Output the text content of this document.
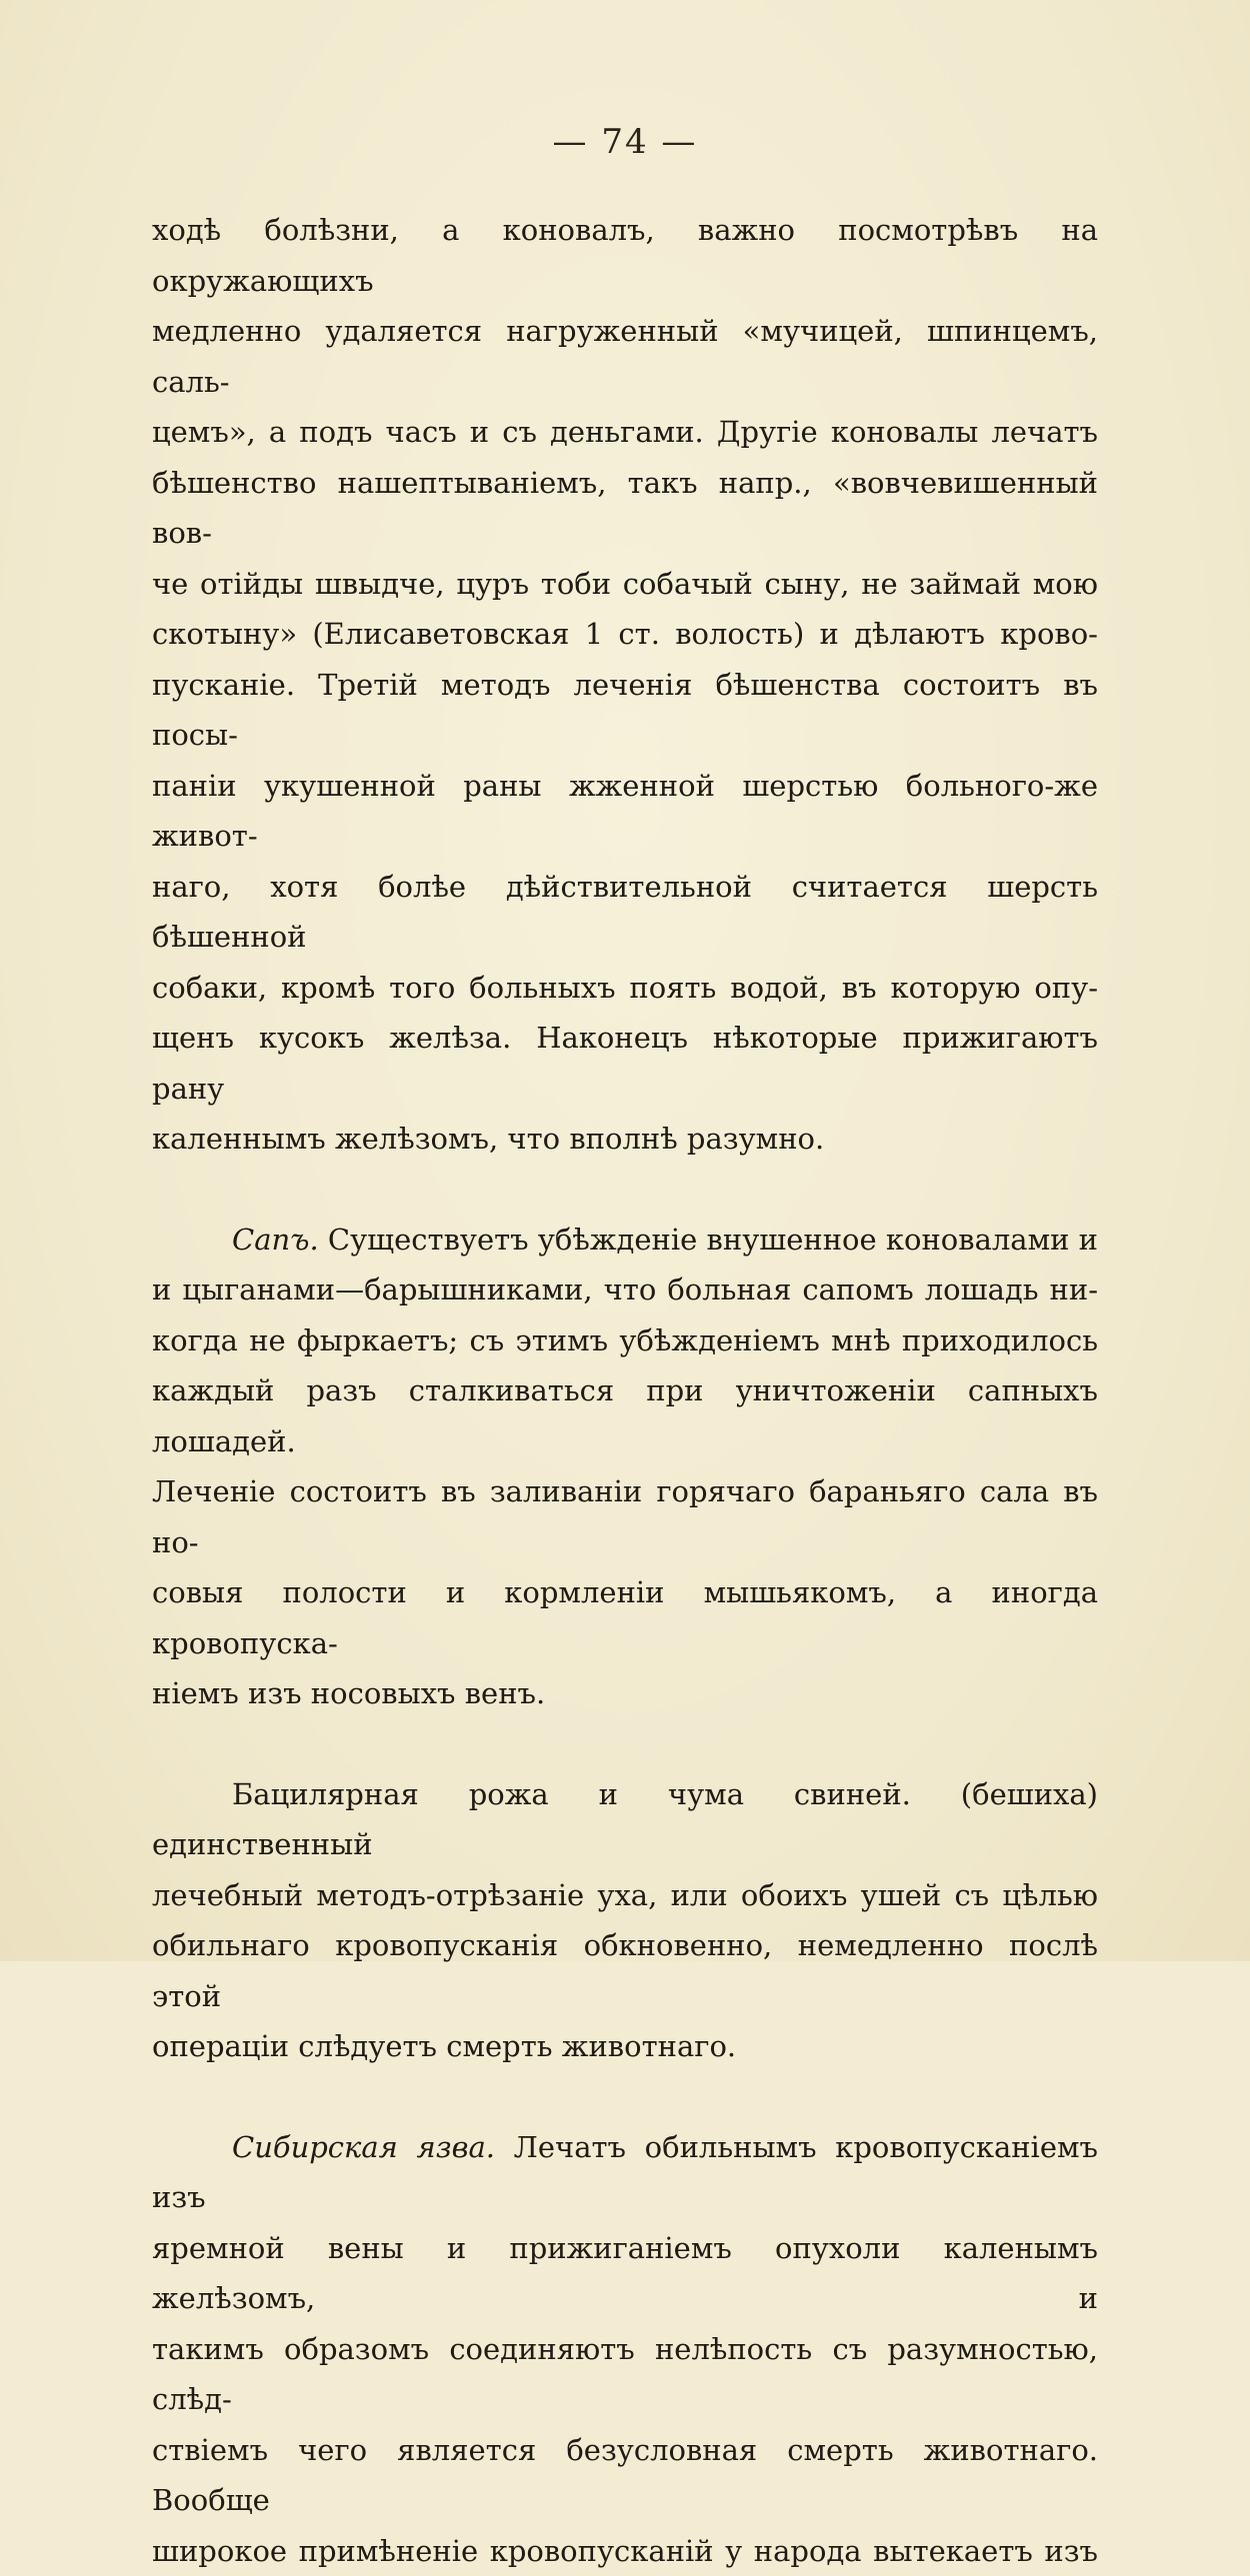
— 74 —
ходѣ болѣзни, а коновалъ, важно посмотрѣвъ на окружающихъ
медленно удаляется нагруженный «мучицей, шпинцемъ, саль-
цемъ», а подъ часъ и съ деньгами. Другіе коновалы лечатъ
бѣшенство нашептываніемъ, такъ напр., «вовчевишенный вов-
че отійды швыдче, цуръ тоби собачый сыну, не займай мою
скотыну» (Елисаветовская 1 ст. волость) и дѣлаютъ крово-
пусканіе. Третій методъ леченія бѣшенства состоитъ въ посы-
паніи укушенной раны жженной шерстью больного-же живот-
наго, хотя болѣе дѣйствительной считается шерсть бѣшенной
собаки, кромѣ того больныхъ поять водой, въ которую опу-
щенъ кусокъ желѣза. Наконецъ нѣкоторые прижигаютъ рану
каленнымъ желѣзомъ, что вполнѣ разумно.
Сапъ. Существуетъ убѣжденіе внушенное коновалами и
и цыганами—барышниками, что больная сапомъ лошадь ни-
когда не фыркаетъ; съ этимъ убѣжденіемъ мнѣ приходилось
каждый разъ сталкиваться при уничтоженіи сапныхъ лошадей.
Леченіе состоитъ въ заливаніи горячаго бараньяго сала въ но-
совыя полости и кормленіи мышьякомъ, а иногда кровопуска-
ніемъ изъ носовыхъ венъ.
Бацилярная рожа и чума свиней. (бешиха) единственный
лечебный методъ-отрѣзаніе уха, или обоихъ ушей съ цѣлью
обильнаго кровопусканія обкновенно, немедленно послѣ этой
операціи слѣдуетъ смерть животнаго.
Сибирская язва. Лечатъ обильнымъ кровопусканіемъ изъ
яремной вены и прижиганіемъ опухоли каленымъ желѣзомъ, и
такимъ образомъ соединяютъ нелѣпость съ разумностью, слѣд-
ствіемъ чего является безусловная смерть животнаго. Вообще
широкое примѣненіе кровопусканій у народа вытекаетъ изъ
